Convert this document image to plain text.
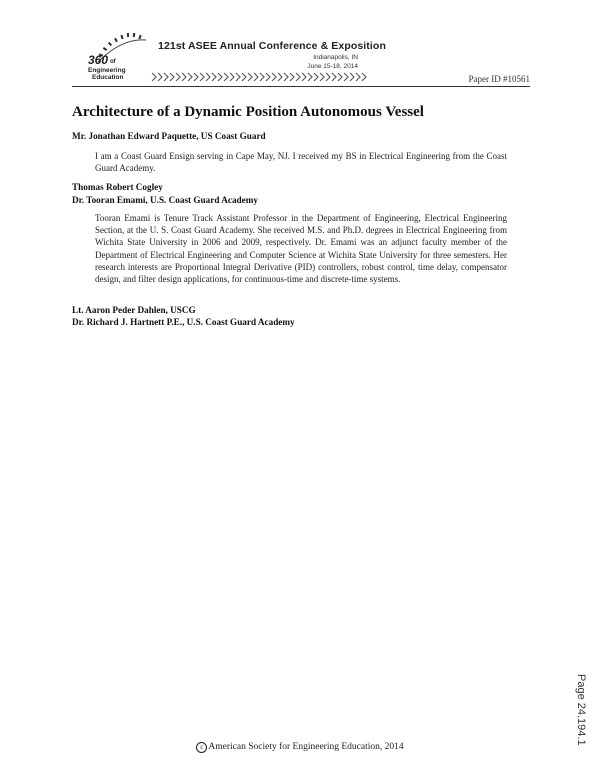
360 of
Engineering
Education
121st ASEE Annual Conference & Exposition
Indianapolis, IN
June 15-18, 2014
Paper ID #10561
Architecture of a Dynamic Position Autonomous Vessel
Mr. Jonathan Edward Paquette, US Coast Guard
I am a Coast Guard Ensign serving in Cape May, NJ. I received my BS in Electrical Engineering from the Coast Guard Academy.
Thomas Robert Cogley
Dr. Tooran Emami, U.S. Coast Guard Academy
Tooran Emami is Tenure Track Assistant Professor in the Department of Engineering, Electrical Engineering Section, at the U. S. Coast Guard Academy. She received M.S. and Ph.D. degrees in Electrical Engineering from Wichita State University in 2006 and 2009, respectively. Dr. Emami was an adjunct faculty member of the Department of Electrical Engineering and Computer Science at Wichita State University for three semesters. Her research interests are Proportional Integral Derivative (PID) controllers, robust control, time delay, compensator design, and filter design applications, for continuous-time and discrete-time systems.
Lt. Aaron Peder Dahlen, USCG
Dr. Richard J. Hartnett P.E., U.S. Coast Guard Academy
Page 24.194.1
c American Society for Engineering Education, 2014
